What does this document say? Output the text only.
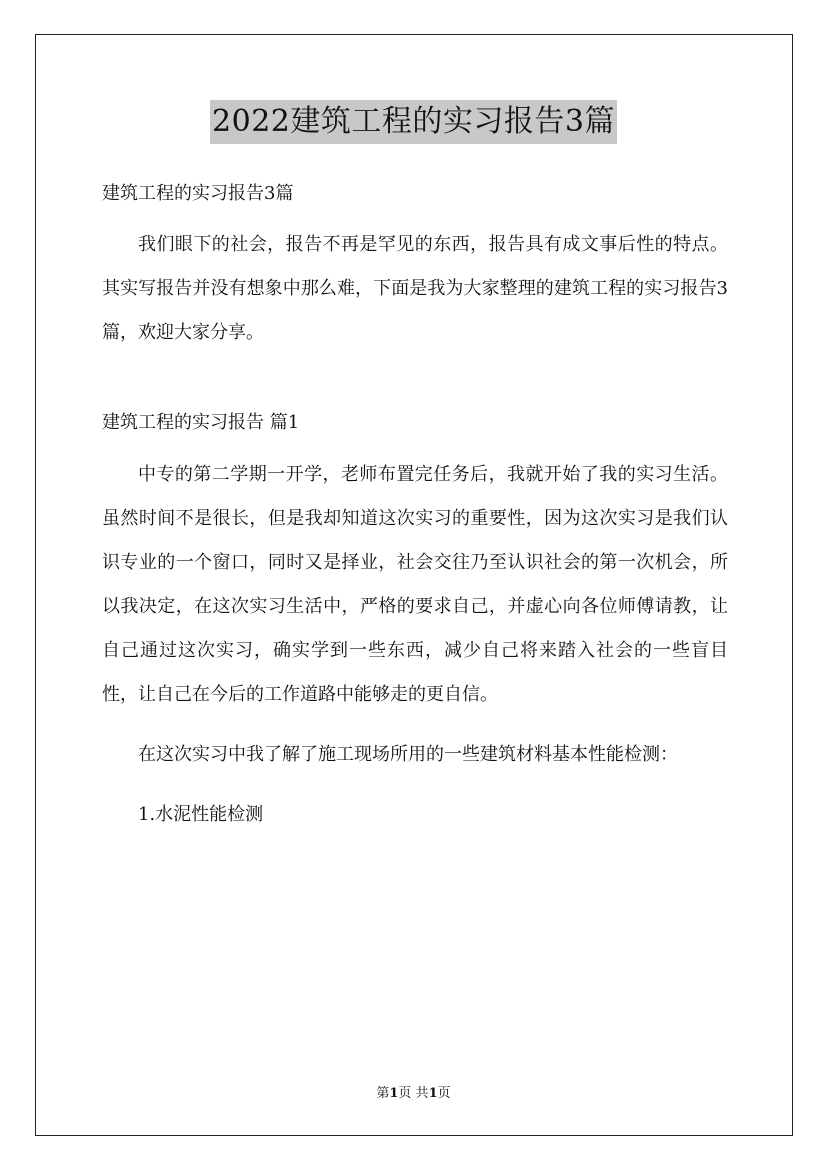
2022建筑工程的实习报告3篇
建筑工程的实习报告3篇

我们眼下的社会，报告不再是罕见的东西，报告具有成文事后性的特点。其实写报告并没有想象中那么难，下面是我为大家整理的建筑工程的实习报告3篇，欢迎大家分享。

建筑工程的实习报告 篇1

中专的第二学期一开学，老师布置完任务后，我就开始了我的实习生活。虽然时间不是很长，但是我却知道这次实习的重要性，因为这次实习是我们认识专业的一个窗口，同时又是择业，社会交往乃至认识社会的第一次机会，所以我决定，在这次实习生活中，严格的要求自己，并虚心向各位师傅请教，让自己通过这次实习，确实学到一些东西，减少自己将来踏入社会的一些盲目性，让自己在今后的工作道路中能够走的更自信。

在这次实习中我了解了施工现场所用的一些建筑材料基本性能检测：

1.水泥性能检测
第1页 共1页
